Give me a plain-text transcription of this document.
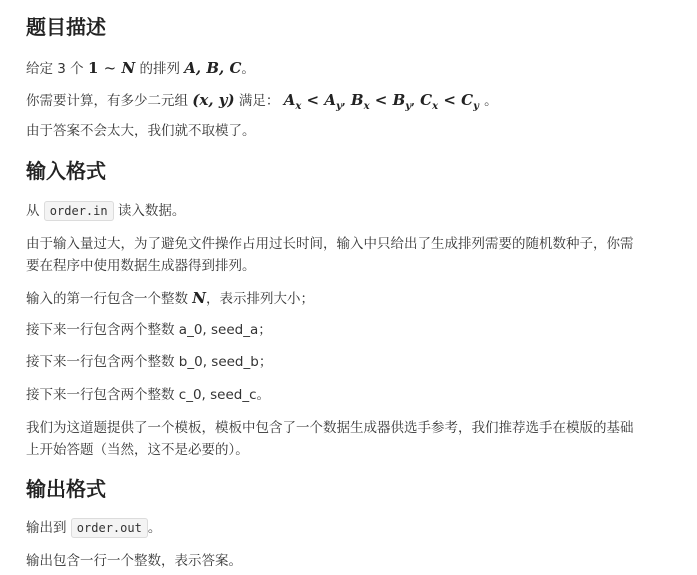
题目描述
给定 3 个 1 ~ N 的排列 A, B, C。
你需要计算，有多少二元组 (x, y) 满足： $A_x < A_y$, $B_x < B_y$, $C_x < C_y$ 。
由于答案不会太大，我们就不取模了。
输入格式
从 order.in 读入数据。
由于输入量过大，为了避免文件操作占用过长时间，输入中只给出了生成排列需要的随机数种子，你需要在程序中使用数据生成器得到排列。
输入的第一行包含一个整数 N，表示排列大小；
接下来一行包含两个整数 a_0, seed_a；
接下来一行包含两个整数 b_0, seed_b；
接下来一行包含两个整数 c_0, seed_c。
我们为这道题提供了一个模板，模板中包含了一个数据生成器供选手参考，我们推荐选手在模版的基础上开始答题（当然，这不是必要的）。
输出格式
输出到 order.out 。
输出包含一行一个整数，表示答案。
